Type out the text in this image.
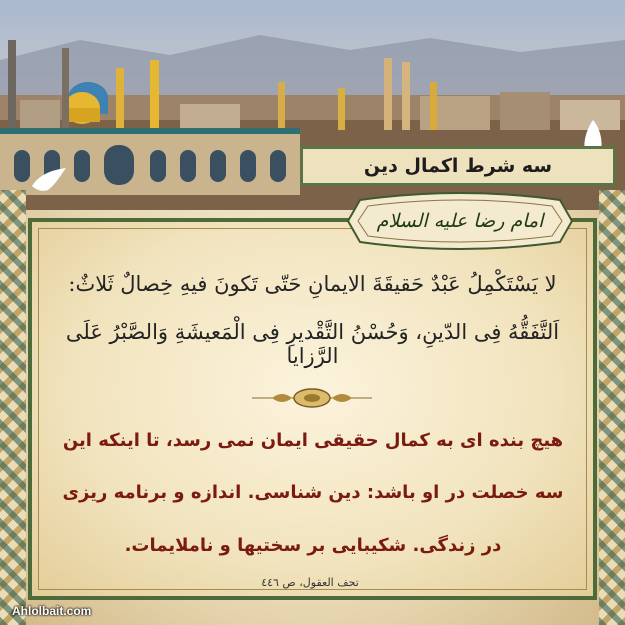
سه شرط اکمال دین
امام رضا علیه السلام
لا يَسْتَكْمِلُ عَبْدٌ حَقيقَةَ الايمانِ حَتّى تَكونَ فيهِ خِصالٌ ثَلاثٌ:
اَلتَّفَقُّهُ فِى الدّينِ، وَحُسْنُ التَّقْديرِ فِى الْمَعيشَةِ وَالصَّبْرُ عَلَى الرَّزايا
هیچ بنده ای به کمال حقیقی ایمان نمی رسد، تا اینکه این
سه خصلت در او باشد: دین شناسی. اندازه و برنامه ریزی
در زندگی. شکیبایی بر سختیها و ناملایمات.
تحف العقول، ص ٤٤٦
Ahlolbait.com
